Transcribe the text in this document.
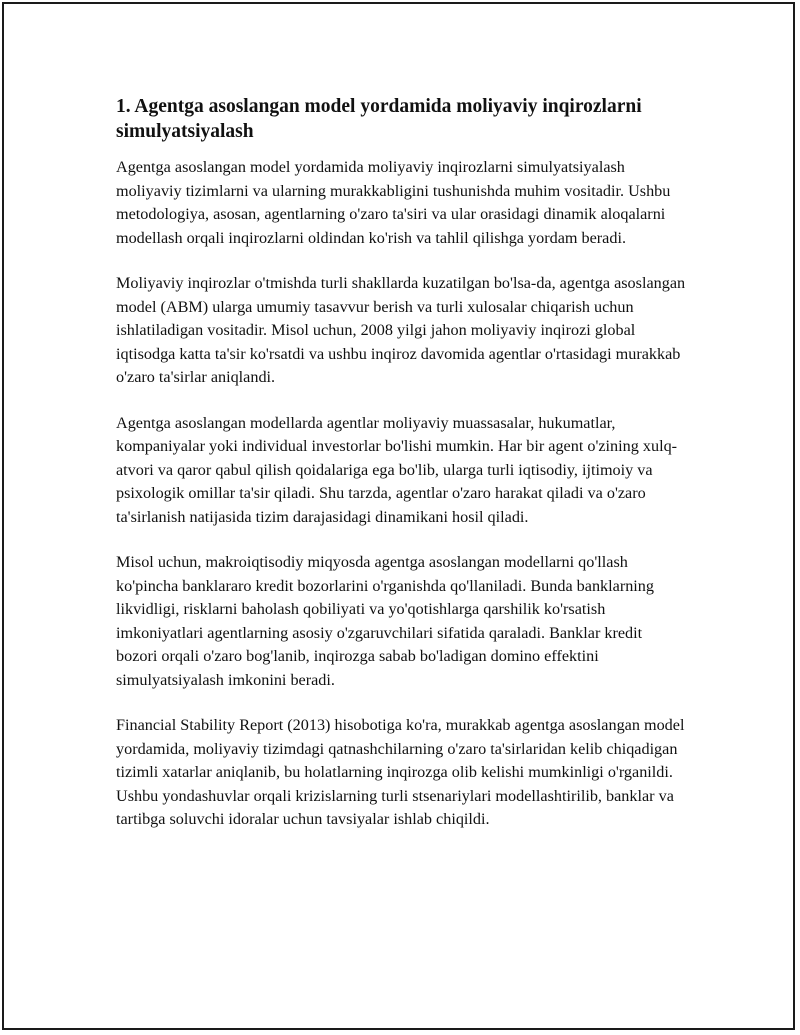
1. Agentga asoslangan model yordamida moliyaviy inqirozlarni simulyatsiyalash

Agentga asoslangan model yordamida moliyaviy inqirozlarni simulyatsiyalash moliyaviy tizimlarni va ularning murakkabligini tushunishda muhim vositadir. Ushbu metodologiya, asosan, agentlarning o'zaro ta'siri va ular orasidagi dinamik aloqalarni modellash orqali inqirozlarni oldindan ko'rish va tahlil qilishga yordam beradi.

Moliyaviy inqirozlar o'tmishda turli shakllarda kuzatilgan bo'lsa-da, agentga asoslangan model (ABM) ularga umumiy tasavvur berish va turli xulosalar chiqarish uchun ishlatiladigan vositadir. Misol uchun, 2008 yilgi jahon moliyaviy inqirozi global iqtisodga katta ta'sir ko'rsatdi va ushbu inqiroz davomida agentlar o'rtasidagi murakkab o'zaro ta'sirlar aniqlandi.

Agentga asoslangan modellarda agentlar moliyaviy muassasalar, hukumatlar, kompaniyalar yoki individual investorlar bo'lishi mumkin. Har bir agent o'zining xulq-atvori va qaror qabul qilish qoidalariga ega bo'lib, ularga turli iqtisodiy, ijtimoiy va psixologik omillar ta'sir qiladi. Shu tarzda, agentlar o'zaro harakat qiladi va o'zaro ta'sirlanish natijasida tizim darajasidagi dinamikani hosil qiladi.

Misol uchun, makroiqtisodiy miqyosda agentga asoslangan modellarni qo'llash ko'pincha banklararo kredit bozorlarini o'rganishda qo'llaniladi. Bunda banklarning likvidligi, risklarni baholash qobiliyati va yo'qotishlarga qarshilik ko'rsatish imkoniyatlari agentlarning asosiy o'zgaruvchilari sifatida qaraladi. Banklar kredit bozori orqali o'zaro bog'lanib, inqirozga sabab bo'ladigan domino effektini simulyatsiyalash imkonini beradi.

Financial Stability Report (2013) hisobotiga ko'ra, murakkab agentga asoslangan model yordamida, moliyaviy tizimdagi qatnashchilarning o'zaro ta'sirlaridan kelib chiqadigan tizimli xatarlar aniqlanib, bu holatlarning inqirozga olib kelishi mumkinligi o'rganildi. Ushbu yondashuvlar orqali krizislarning turli stsenariylari modellashtirilib, banklar va tartibga soluvchi idoralar uchun tavsiyalar ishlab chiqildi.
